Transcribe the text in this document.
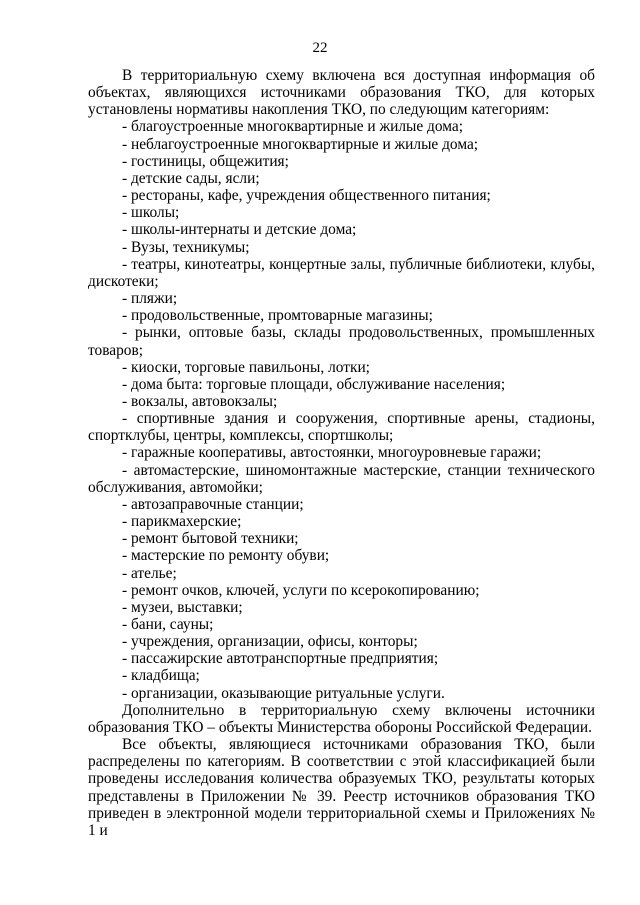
22

В территориальную схему включена вся доступная информация об объектах, являющихся источниками образования ТКО, для которых установлены нормативы накопления ТКО, по следующим категориям:

- благоустроенные многоквартирные и жилые дома;
- неблагоустроенные многоквартирные и жилые дома;
- гостиницы, общежития;
- детские сады, ясли;
- рестораны, кафе, учреждения общественного питания;
- школы;
- школы-интернаты и детские дома;
- Вузы, техникумы;
- театры, кинотеатры, концертные залы, публичные библиотеки, клубы, дискотеки;
- пляжи;
- продовольственные, промтоварные магазины;
- рынки, оптовые базы, склады продовольственных, промышленных товаров;
- киоски, торговые павильоны, лотки;
- дома быта: торговые площади, обслуживание населения;
- вокзалы, автовокзалы;
- спортивные здания и сооружения, спортивные арены, стадионы, спортклубы, центры, комплексы, спортшколы;
- гаражные кооперативы, автостоянки, многоуровневые гаражи;
- автомастерские, шиномонтажные мастерские, станции технического обслуживания, автомойки;
- автозаправочные станции;
- парикмахерские;
- ремонт бытовой техники;
- мастерские по ремонту обуви;
- ателье;
- ремонт очков, ключей, услуги по ксерокопированию;
- музеи, выставки;
- бани, сауны;
- учреждения, организации, офисы, конторы;
- пассажирские автотранспортные предприятия;
- кладбища;
- организации, оказывающие ритуальные услуги.

Дополнительно в территориальную схему включены источники образования ТКО – объекты Министерства обороны Российской Федерации.

Все объекты, являющиеся источниками образования ТКО, были распределены по категориям. В соответствии с этой классификацией были проведены исследования количества образуемых ТКО, результаты которых представлены в Приложении № 39. Реестр источников образования ТКО приведен в электронной модели территориальной схемы и Приложениях № 1 и
